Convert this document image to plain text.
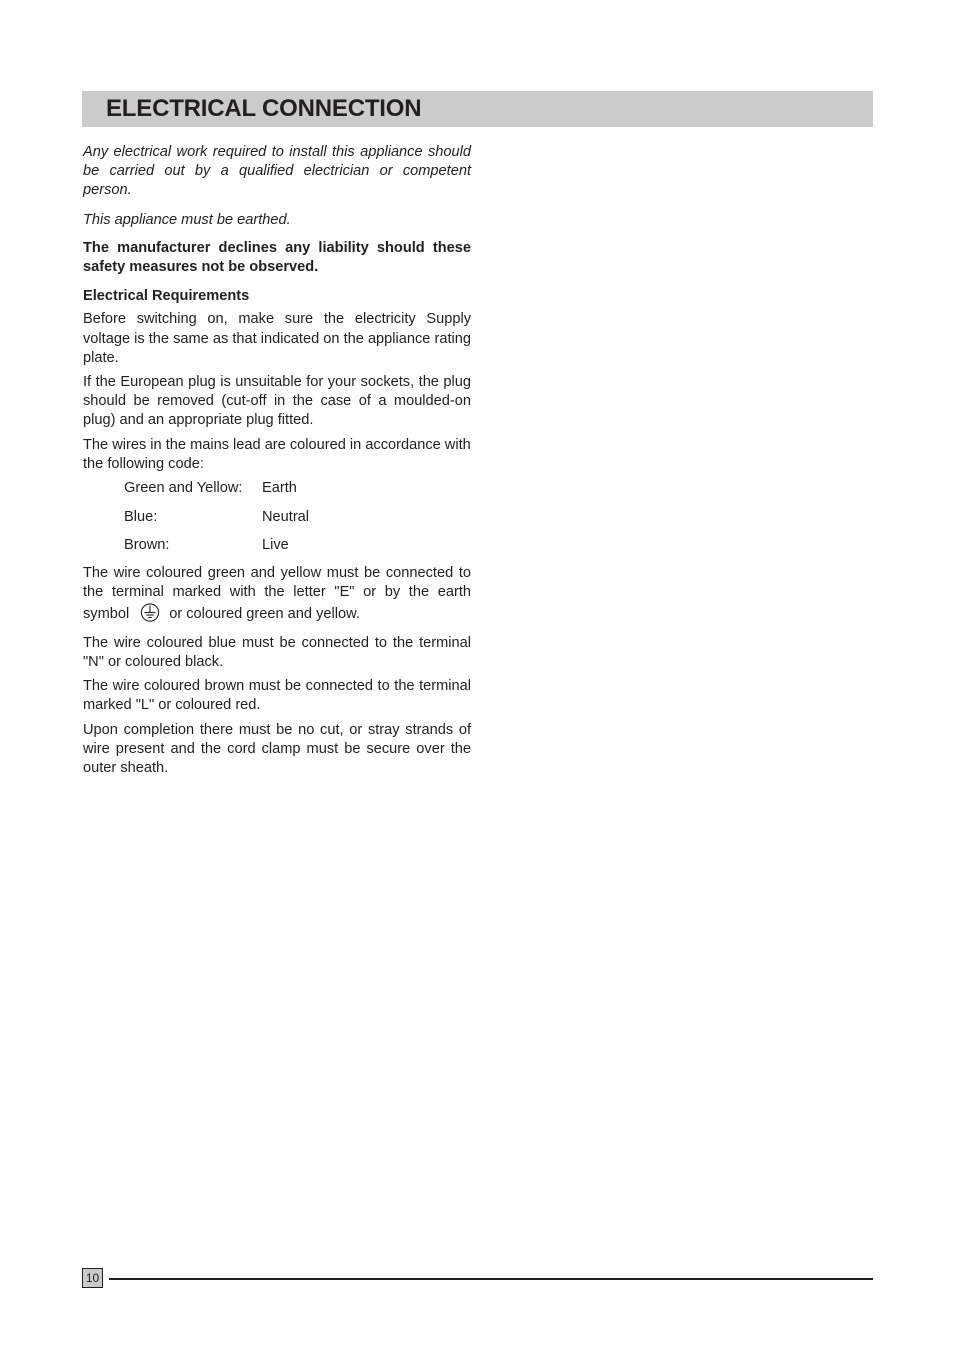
ELECTRICAL CONNECTION

Any electrical work required to install this appliance should be carried out by a qualified electrician or competent person.

This appliance must be earthed.

The manufacturer declines any liability should these safety measures not be observed.

Electrical Requirements

Before switching on, make sure the electricity Supply voltage is the same as that indicated on the appliance rating plate.

If the European plug is unsuitable for your sockets, the plug should be removed (cut-off in the case of a moulded-on plug) and an appropriate plug fitted.

The wires in the mains lead are coloured in accordance with the following code:

Green and Yellow:	Earth
Blue:	Neutral
Brown:	Live

The wire coloured green and yellow must be connected to the terminal marked with the letter "E" or by the earth symbol	or coloured green and yellow.

The wire coloured blue must be connected to the terminal "N" or coloured black.

The wire coloured brown must be connected to the terminal marked "L" or coloured red.

Upon completion there must be no cut, or stray strands of wire present and the cord clamp must be secure over the outer sheath.

10
